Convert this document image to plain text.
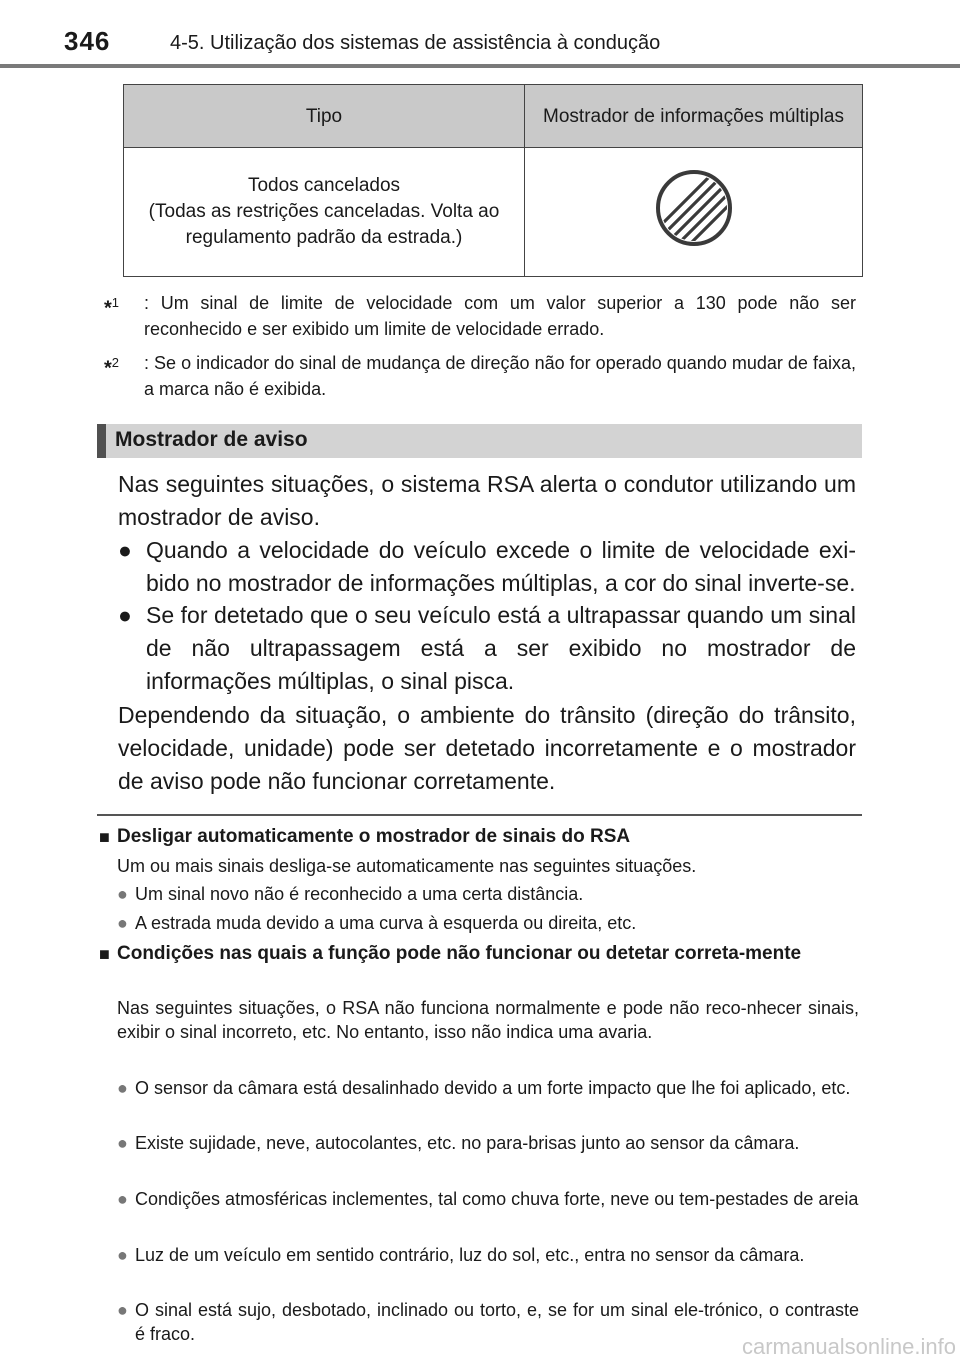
346	4-5. Utilização dos sistemas de assistência à condução
Tipo	Mostrador de informações múltiplas

Todos cancelados
(Todas as restrições canceladas. Volta ao regulamento padrão da estrada.)

*$^1$	: Um sinal de limite de velocidade com um valor superior a 130 pode não ser reconhecido e ser exibido um limite de velocidade errado.
*$^2$	: Se o indicador do sinal de mudança de direção não for operado quando mudar de faixa, a marca não é exibida.
Mostrador de aviso
Nas seguintes situações, o sistema RSA alerta o condutor utilizando um mostrador de aviso.
● Quando a velocidade do veículo excede o limite de velocidade exi-bido no mostrador de informações múltiplas, a cor do sinal inverte-se.
● Se for detetado que o seu veículo está a ultrapassar quando um sinal de não ultrapassagem está a ser exibido no mostrador de informações múltiplas, o sinal pisca.
Dependendo da situação, o ambiente do trânsito (direção do trânsito, velocidade, unidade) pode ser detetado incorretamente e o mostrador de aviso pode não funcionar corretamente.
■ Desligar automaticamente o mostrador de sinais do RSA
Um ou mais sinais desliga-se automaticamente nas seguintes situações.
● Um sinal novo não é reconhecido a uma certa distância.
● A estrada muda devido a uma curva à esquerda ou direita, etc.
■ Condições nas quais a função pode não funcionar ou detetar correta-mente
Nas seguintes situações, o RSA não funciona normalmente e pode não reco-nhecer sinais, exibir o sinal incorreto, etc. No entanto, isso não indica uma avaria.
● O sensor da câmara está desalinhado devido a um forte impacto que lhe foi aplicado, etc.
● Existe sujidade, neve, autocolantes, etc. no para-brisas junto ao sensor da câmara.
● Condições atmosféricas inclementes, tal como chuva forte, neve ou tem-pestades de areia
● Luz de um veículo em sentido contrário, luz do sol, etc., entra no sensor da câmara.
● O sinal está sujo, desbotado, inclinado ou torto, e, se for um sinal ele-trónico, o contraste é fraco.	carmanualsonline.info
